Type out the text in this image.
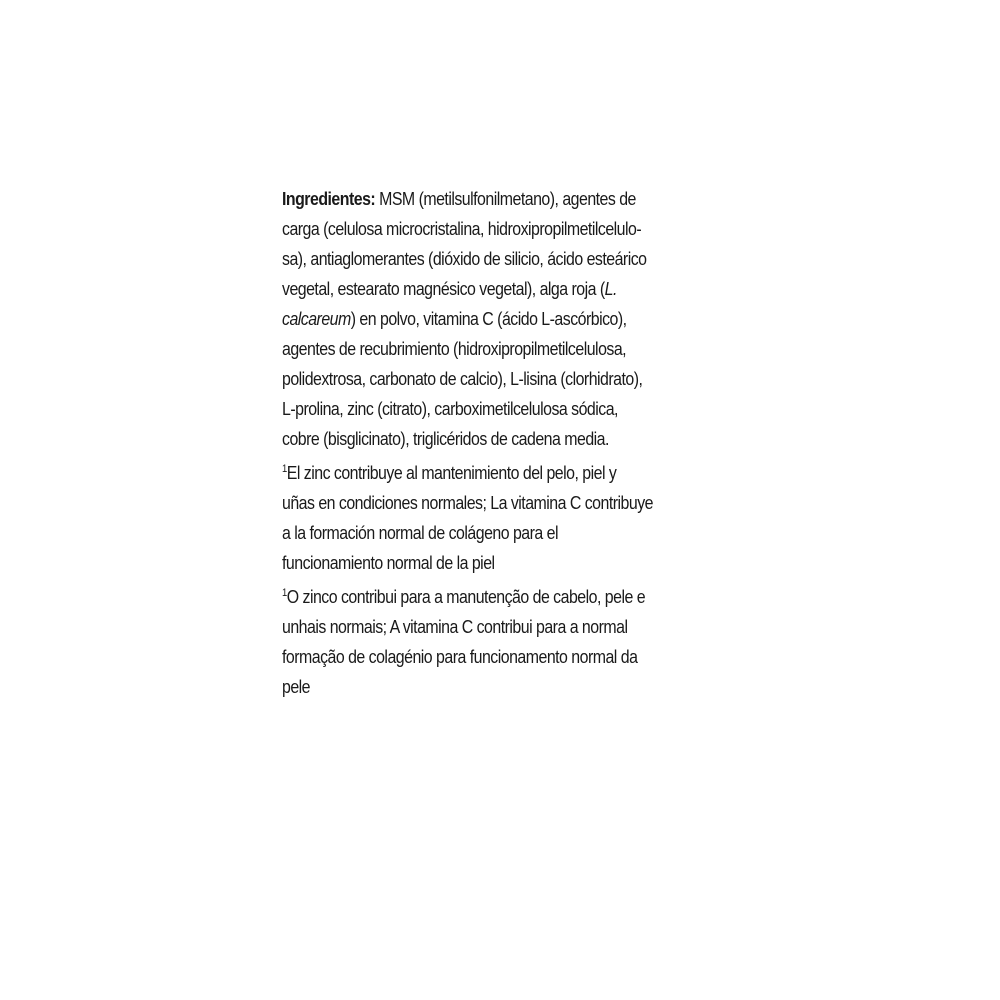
Ingredientes: MSM (metilsulfonilmetano), agentes de
carga (celulosa microcristalina, hidroxipropilmetilcelulo-
sa), antiaglomerantes (dióxido de silicio, ácido esteárico
vegetal, estearato magnésico vegetal), alga roja (L.
calcareum) en polvo, vitamina C (ácido L-ascórbico),
agentes de recubrimiento (hidroxipropilmetilcelulosa,
polidextrosa, carbonato de calcio), L-lisina (clorhidrato),
L-prolina, zinc (citrato), carboximetilcelulosa sódica,
cobre (bisglicinato), triglicéridos de cadena media.

$^1$El zinc contribuye al mantenimiento del pelo, piel y
uñas en condiciones normales; La vitamina C contribuye
a la formación normal de colágeno para el
funcionamiento normal de la piel

$^1$O zinco contribui para a manutenção de cabelo, pele e
unhais normais; A vitamina C contribui para a normal
formação de colagénio para funcionamento normal da
pele
